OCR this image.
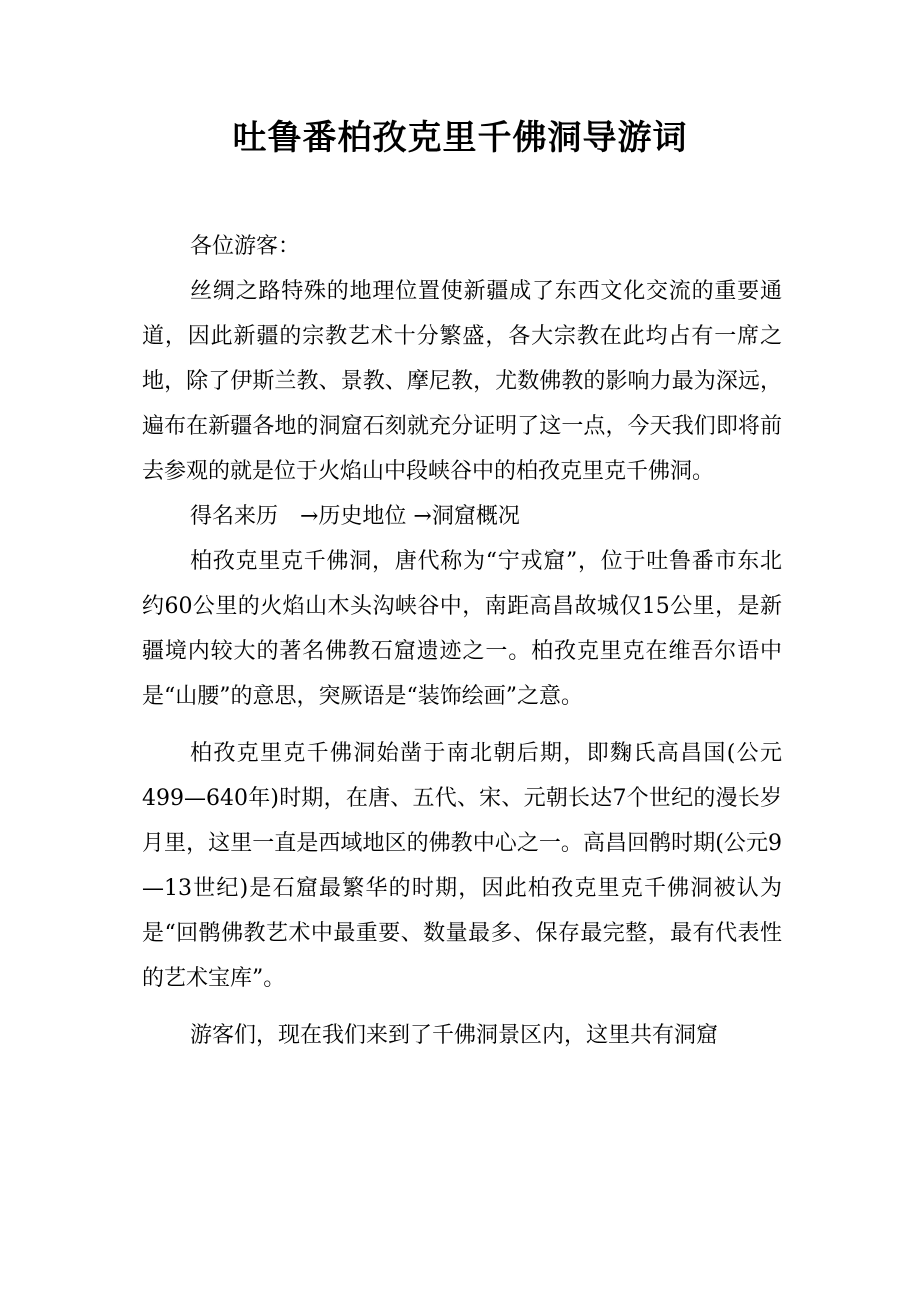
吐鲁番柏孜克里千佛洞导游词

各位游客：

丝绸之路特殊的地理位置使新疆成了东西文化交流的重要通道，因此新疆的宗教艺术十分繁盛，各大宗教在此均占有一席之地，除了伊斯兰教、景教、摩尼教，尤数佛教的影响力最为深远，遍布在新疆各地的洞窟石刻就充分证明了这一点，今天我们即将前去参观的就是位于火焰山中段峡谷中的柏孜克里克千佛洞。

得名来历　→历史地位 →洞窟概况

柏孜克里克千佛洞，唐代称为“宁戎窟”，位于吐鲁番市东北约60公里的火焰山木头沟峡谷中，南距高昌故城仅15公里，是新疆境内较大的著名佛教石窟遗迹之一。柏孜克里克在维吾尔语中是“山腰”的意思，突厥语是“装饰绘画”之意。

柏孜克里克千佛洞始凿于南北朝后期，即麴氏高昌国(公元499—640年)时期，在唐、五代、宋、元朝长达7个世纪的漫长岁月里，这里一直是西域地区的佛教中心之一。高昌回鹘时期(公元9—13世纪)是石窟最繁华的时期，因此柏孜克里克千佛洞被认为是“回鹘佛教艺术中最重要、数量最多、保存最完整，最有代表性的艺术宝库”。

游客们，现在我们来到了千佛洞景区内，这里共有洞窟
